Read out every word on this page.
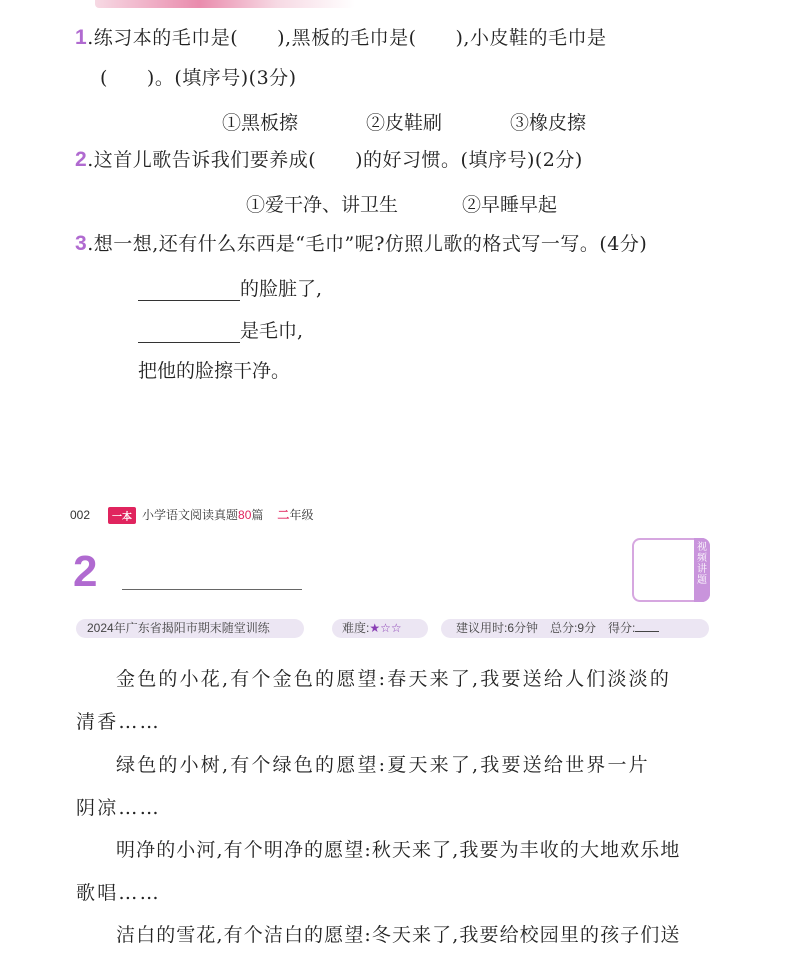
1.练习本的毛巾是(　　),黑板的毛巾是(　　),小皮鞋的毛巾是
(　　)。(填序号)(3分)
①黑板擦	②皮鞋刷	③橡皮擦
2.这首儿歌告诉我们要养成(　　)的好习惯。(填序号)(2分)
①爱干净、讲卫生	②早睡早起
3.想一想,还有什么东西是“毛巾”呢?仿照儿歌的格式写一写。(4分)
的脸脏了,
是毛巾,
把他的脸擦干净。
002 一本 小学语文阅读真题80篇 二年级
2	视频讲题
2024年广东省揭阳市期末随堂训练	难度:★☆☆	建议用时:6分钟 总分:9分 得分:
金色的小花,有个金色的愿望:春天来了,我要送给人们淡淡的
清香……
绿色的小树,有个绿色的愿望:夏天来了,我要送给世界一片
阴凉……
明净的小河,有个明净的愿望:秋天来了,我要为丰收的大地欢乐地
歌唱……
洁白的雪花,有个洁白的愿望:冬天来了,我要给校园里的孩子们送
